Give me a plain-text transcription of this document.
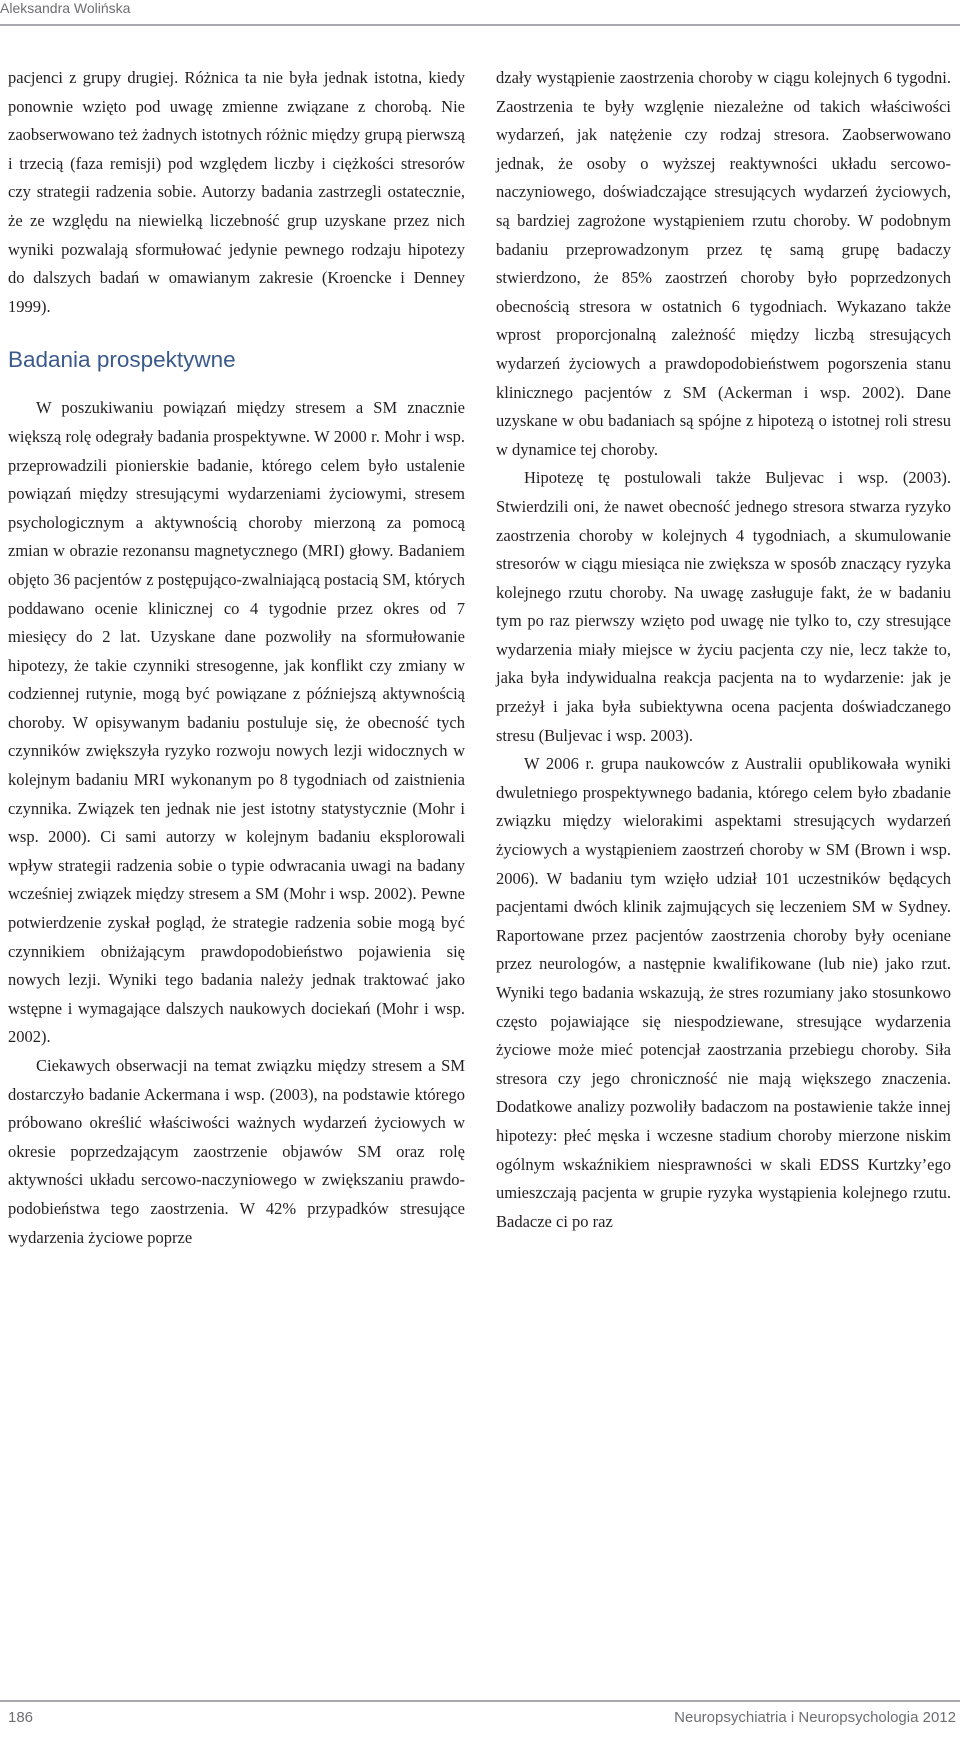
Aleksandra Wolińska

pacjenci z grupy drugiej. Różnica ta nie była jednak istotna, kiedy ponownie wzięto pod uwagę zmienne związane z chorobą. Nie zaobserwowano też żadnych istotnych różnic między grupą pierwszą i trzecią (faza remisji) pod względem liczby i ciężkości stresorów czy strategii radzenia sobie. Autorzy badania zastrzegli ostatecznie, że ze względu na niewielką liczebność grup uzyskane przez nich wyniki pozwalają sformułować jedynie pewnego rodzaju hipotezy do dalszych badań w omawianym zakresie (Kroencke i Denney 1999).

Badania prospektywne

W poszukiwaniu powiązań między stresem a SM znacznie większą rolę odegrały badania prospektywne. W 2000 r. Mohr i wsp. przeprowadzili pionierskie badanie, którego celem było ustalenie powiązań między stresującymi wydarzeniami życiowymi, stresem psychologicznym a aktywnością choroby mierzoną za pomocą zmian w obrazie rezonansu magnetycznego (MRI) głowy. Badaniem objęto 36 pacjentów z postępująco-zwalniającą postacią SM, których poddawano ocenie klinicznej co 4 tygodnie przez okres od 7 miesięcy do 2 lat. Uzyskane dane pozwoliły na sformułowanie hipotezy, że takie czynniki stresogenne, jak konflikt czy zmiany w codziennej rutynie, mogą być powiązane z późniejszą aktywnością choroby. W opisywanym badaniu postuluje się, że obecność tych czynników zwiększyła ryzyko rozwoju nowych lezji widocznych w kolejnym badaniu MRI wykonanym po 8 tygodniach od zaistnienia czynnika. Związek ten jednak nie jest istotny statystycznie (Mohr i wsp. 2000). Ci sami autorzy w kolejnym badaniu eksplorowali wpływ strategii radzenia sobie o typie odwracania uwagi na badany wcześniej związek między stresem a SM (Mohr i wsp. 2002). Pewne potwierdzenie zyskał pogląd, że strategie radzenia sobie mogą być czynnikiem obniżającym prawdopodobieństwo pojawienia się nowych lezji. Wyniki tego badania należy jednak traktować jako wstępne i wymagające dalszych naukowych dociekań (Mohr i wsp. 2002).

Ciekawych obserwacji na temat związku między stresem a SM dostarczyło badanie Ackermana i wsp. (2003), na podstawie którego próbowano określić właściwości ważnych wydarzeń życiowych w okresie poprzedzającym zaostrzenie objawów SM oraz rolę aktywności układu sercowo-naczyniowego w zwiększaniu prawdopodobieństwa tego zaostrzenia. W 42% przypadków stresujące wydarzenia życiowe poprze

dzały wystąpienie zaostrzenia choroby w ciągu kolejnych 6 tygodni. Zaostrzenia te były wzglęnie niezależne od takich właściwości wydarzeń, jak natężenie czy rodzaj stresora. Zaobserwowano jednak, że osoby o wyższej reaktywności układu sercowo-naczyniowego, doświadczające stresujących wydarzeń życiowych, są bardziej zagrożone wystąpieniem rzutu choroby. W podobnym badaniu przeprowadzonym przez tę samą grupę badaczy stwierdzono, że 85% zaostrzeń choroby było poprzedzonych obecnością stresora w ostatnich 6 tygodniach. Wykazano także wprost proporcjonalną zależność między liczbą stresujących wydarzeń życiowych a prawdopodobieństwem pogorszenia stanu klinicznego pacjentów z SM (Ackerman i wsp. 2002). Dane uzyskane w obu badaniach są spójne z hipotezą o istotnej roli stresu w dynamice tej choroby.

Hipotezę tę postulowali także Buljevac i wsp. (2003). Stwierdzili oni, że nawet obecność jednego stresora stwarza ryzyko zaostrzenia choroby w kolejnych 4 tygodniach, a skumulowanie stresorów w ciągu miesiąca nie zwiększa w sposób znaczący ryzyka kolejnego rzutu choroby. Na uwagę zasługuje fakt, że w badaniu tym po raz pierwszy wzięto pod uwagę nie tylko to, czy stresujące wydarzenia miały miejsce w życiu pacjenta czy nie, lecz także to, jaka była indywidualna reakcja pacjenta na to wydarzenie: jak je przeżył i jaka była subiektywna ocena pacjenta doświadczanego stresu (Buljevac i wsp. 2003).

W 2006 r. grupa naukowców z Australii opublikowała wyniki dwuletniego prospektywnego badania, którego celem było zbadanie związku między wielorakimi aspektami stresujących wydarzeń życiowych a wystąpieniem zaostrzeń choroby w SM (Brown i wsp. 2006). W badaniu tym wzięło udział 101 uczestników będących pacjentami dwóch klinik zajmujących się leczeniem SM w Sydney. Raportowane przez pacjentów zaostrzenia choroby były oceniane przez neurologów, a następnie kwalifikowane (lub nie) jako rzut. Wyniki tego badania wskazują, że stres rozumiany jako stosunkowo często pojawiające się niespodziewane, stresujące wydarzenia życiowe może mieć potencjał zaostrzania przebiegu choroby. Siła stresora czy jego chroniczność nie mają większego znaczenia. Dodatkowe analizy pozwoliły badaczom na postawienie także innej hipotezy: płeć męska i wczesne stadium choroby mierzone niskim ogólnym wskaźnikiem niesprawności w skali EDSS Kurtzky’ego umieszczają pacjenta w grupie ryzyka wystąpienia kolejnego rzutu. Badacze ci po raz

186	Neuropsychiatria i Neuropsychologia 2012
